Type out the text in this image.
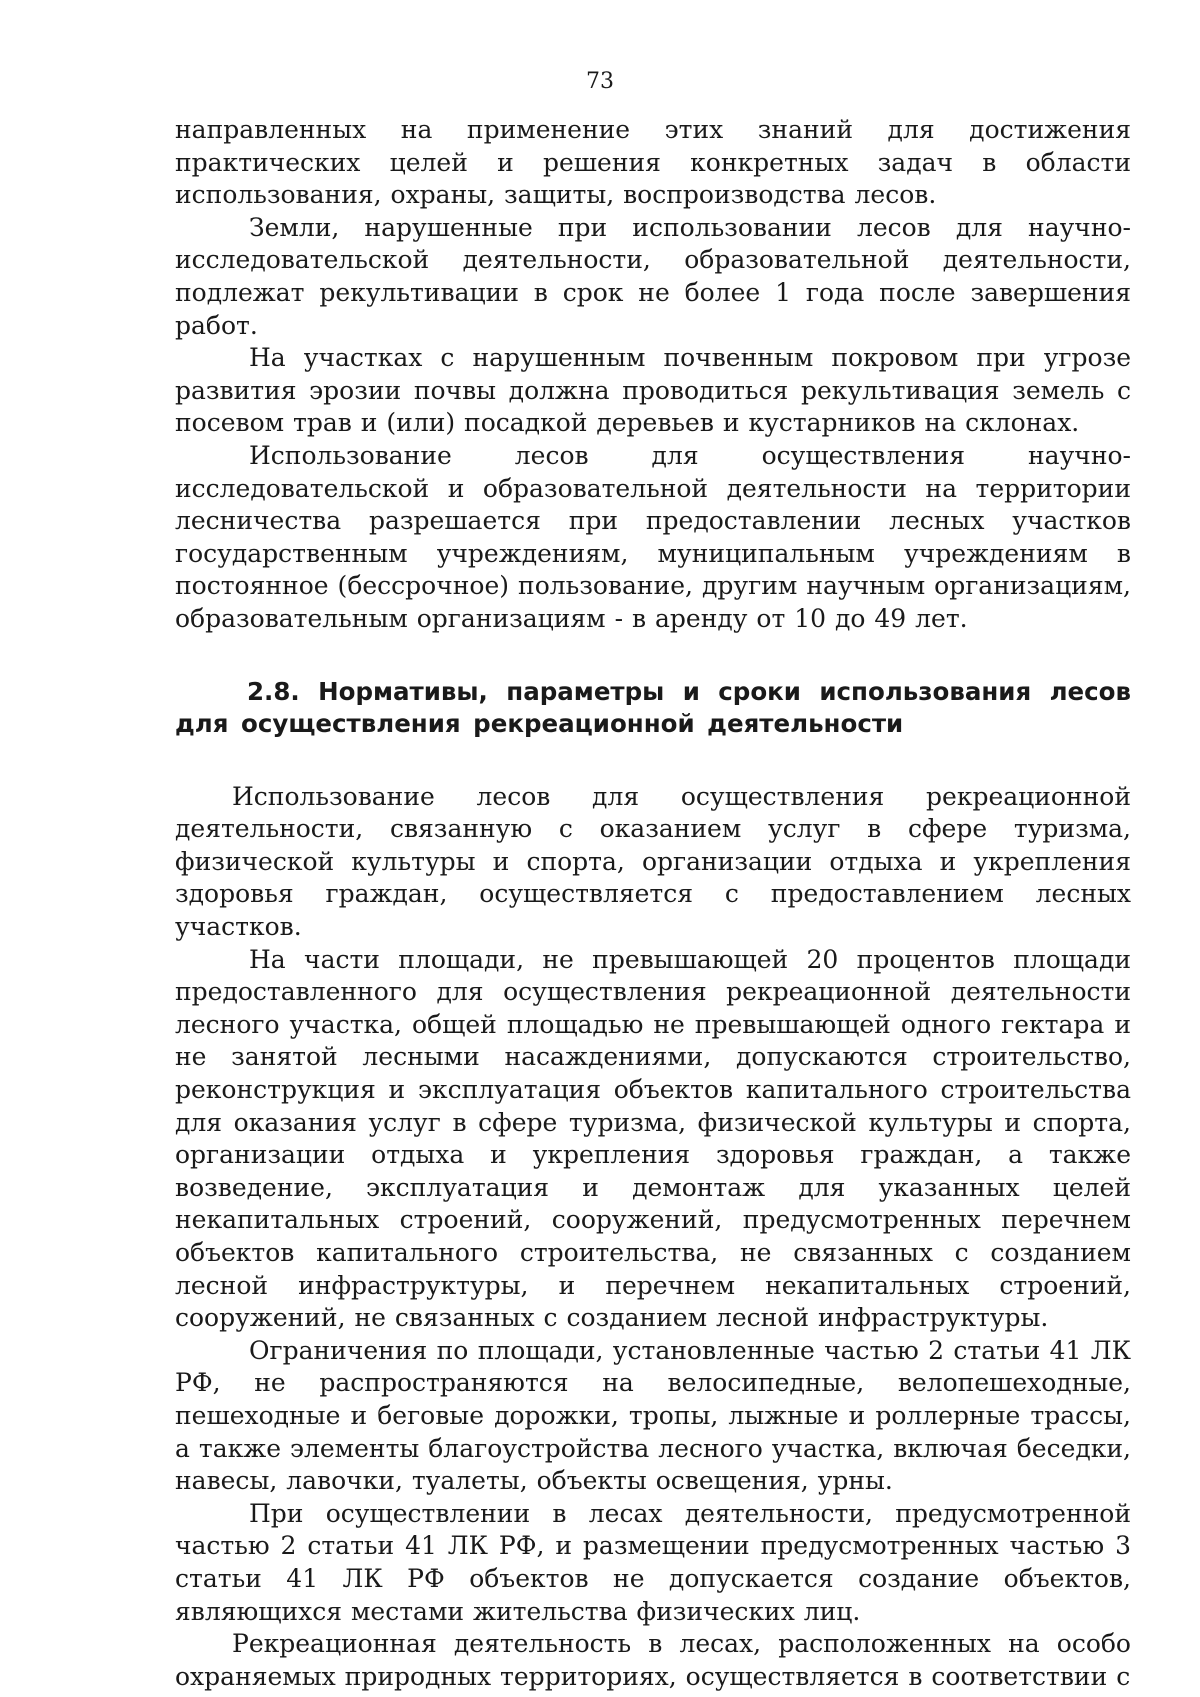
73

направленных на применение этих знаний для достижения практических целей и решения конкретных задач в области использования, охраны, защиты, воспроизводства лесов.

Земли, нарушенные при использовании лесов для научно-исследовательской деятельности, образовательной деятельности, подлежат рекультивации в срок не более 1 года после завершения работ.

На участках с нарушенным почвенным покровом при угрозе развития эрозии почвы должна проводиться рекультивация земель с посевом трав и (или) посадкой деревьев и кустарников на склонах.

Использование лесов для осуществления научно-исследовательской и образовательной деятельности на территории лесничества разрешается при предоставлении лесных участков государственным учреждениям, муниципальным учреждениям в постоянное (бессрочное) пользование, другим научным организациям, образовательным организациям - в аренду от 10 до 49 лет.

2.8. Нормативы, параметры и сроки использования лесов для осуществления рекреационной деятельности

Использование лесов для осуществления рекреационной деятельности, связанную с оказанием услуг в сфере туризма, физической культуры и спорта, организации отдыха и укрепления здоровья граждан, осуществляется с предоставлением лесных участков.

На части площади, не превышающей 20 процентов площади предоставленного для осуществления рекреационной деятельности лесного участка, общей площадью не превышающей одного гектара и не занятой лесными насаждениями, допускаются строительство, реконструкция и эксплуатация объектов капитального строительства для оказания услуг в сфере туризма, физической культуры и спорта, организации отдыха и укрепления здоровья граждан, а также возведение, эксплуатация и демонтаж для указанных целей некапитальных строений, сооружений, предусмотренных перечнем объектов капитального строительства, не связанных с созданием лесной инфраструктуры, и перечнем некапитальных строений, сооружений, не связанных с созданием лесной инфраструктуры.

Ограничения по площади, установленные частью 2 статьи 41 ЛК РФ, не распространяются на велосипедные, велопешеходные, пешеходные и беговые дорожки, тропы, лыжные и роллерные трассы, а также элементы благоустройства лесного участка, включая беседки, навесы, лавочки, туалеты, объекты освещения, урны.

При осуществлении в лесах деятельности, предусмотренной частью 2 статьи 41 ЛК РФ, и размещении предусмотренных частью 3 статьи 41 ЛК РФ объектов не допускается создание объектов, являющихся местами жительства физических лиц.

Рекреационная деятельность в лесах, расположенных на особо охраняемых природных территориях, осуществляется в соответствии с
